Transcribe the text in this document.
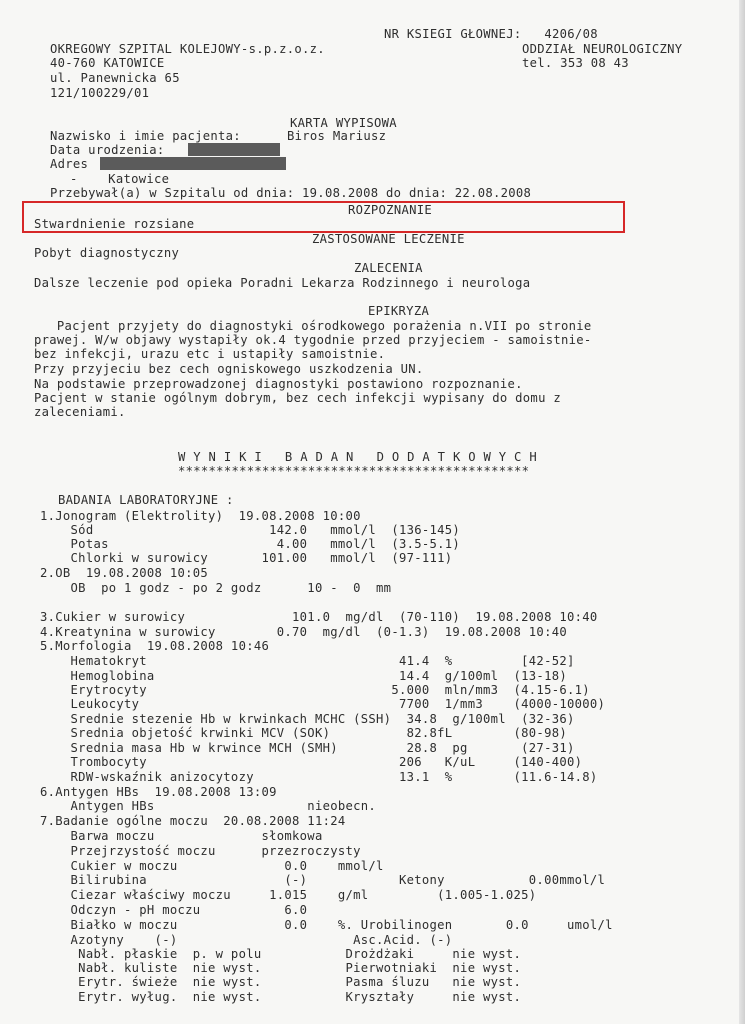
NR KSIEGI GŁOWNEJ:   4206/08
OKREGOWY SZPITAL KOLEJOWY-s.p.z.o.z.	ODDZIAŁ NEUROLOGICZNY
40-760 KATOWICE	tel. 353 08 43
ul. Panewnicka 65
121/100229/01
KARTA WYPISOWA
Nazwisko i imie pacjenta:	Biros Mariusz
Data urodzenia:
Adres
-    Katowice
Przebywał(a) w Szpitalu od dnia: 19.08.2008 do dnia: 22.08.2008
ROZPOZNANIE
Stwardnienie rozsiane
ZASTOSOWANE LECZENIE
Pobyt diagnostyczny
ZALECENIA
Dalsze leczenie pod opieka Poradni Lekarza Rodzinnego i neurologa
EPIKRYZA
Pacjent przyjety do diagnostyki ośrodkowego porażenia n.VII po stronie
prawej. W/w objawy wystapiły ok.4 tygodnie przed przyjeciem - samoistnie-
bez infekcji, urazu etc i ustapiły samoistnie.
Przy przyjeciu bez cech ogniskowego uszkodzenia UN.
Na podstawie przeprowadzonej diagnostyki postawiono rozpoznanie.
Pacjent w stanie ogólnym dobrym, bez cech infekcji wypisany do domu z
zaleceniami.
W Y N I K I   B A D A N   D O D A T K O W Y C H
**********************************************
BADANIA LABORATORYJNE :
1.Jonogram (Elektrolity)  19.08.2008 10:00
Sód                       142.0   mmol/l  (136-145)
Potas                      4.00   mmol/l  (3.5-5.1)
Chlorki w surowicy       101.00   mmol/l  (97-111)
2.OB  19.08.2008 10:05
OB  po 1 godz - po 2 godz      10 -  0  mm
3.Cukier w surowicy              101.0  mg/dl  (70-110)  19.08.2008 10:40
4.Kreatynina w surowicy        0.70  mg/dl  (0-1.3)  19.08.2008 10:40
5.Morfologia  19.08.2008 10:46
Hematokryt                                 41.4  %         [42-52]
Hemoglobina                                14.4  g/100ml  (13-18)
Erytrocyty                                5.000  mln/mm3  (4.15-6.1)
Leukocyty                                  7700  1/mm3    (4000-10000)
Srednie stezenie Hb w krwinkach MCHC (SSH)  34.8  g/100ml  (32-36)
Srednia objetość krwinki MCV (SOK)          82.8fL        (80-98)
Srednia masa Hb w krwince MCH (SMH)         28.8  pg       (27-31)
Trombocyty                                 206   K/uL     (140-400)
RDW-wskaźnik anizocytozy                   13.1  %        (11.6-14.8)
6.Antygen HBs  19.08.2008 13:09
Antygen HBs                    nieobecn.
7.Badanie ogólne moczu  20.08.2008 11:24
Barwa moczu              słomkowa
Przejrzystość moczu      przezroczysty
Cukier w moczu              0.0    mmol/l
Bilirubina                  (-)            Ketony           0.00mmol/l
Ciezar właściwy moczu     1.015    g/ml         (1.005-1.025)
Odczyn - pH moczu           6.0
Białko w moczu              0.0    %. Urobilinogen       0.0     umol/l
Azotyny    (-)                       Asc.Acid. (-)
Nabł. płaskie  p. w polu           Drożdżaki     nie wyst.
Nabł. kuliste  nie wyst.           Pierwotniaki  nie wyst.
Erytr. świeże  nie wyst.           Pasma śluzu   nie wyst.
Erytr. wyług.  nie wyst.           Kryształy     nie wyst.
